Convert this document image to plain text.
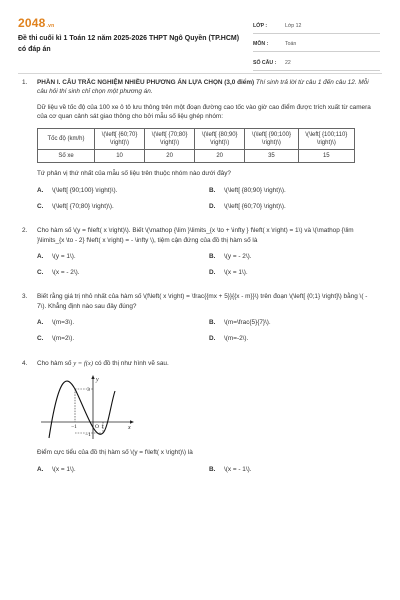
2048.vn
Đề thi cuối kì 1 Toán 12 năm 2025-2026 THPT Ngô Quyền (TP.HCM) có đáp án
LỚP :	Lớp 12
MÔN :	Toán
SỐ CÂU :	22
1. PHẦN I. CÂU TRẮC NGHIỆM NHIỀU PHƯƠNG ÁN LỰA CHỌN (3,0 điểm) Thí sinh trả lời từ câu 1 đến câu 12. Mỗi câu hỏi thí sinh chỉ chọn một phương án.

Dữ liệu về tốc độ của 100 xe ô tô lưu thông trên một đoạn đường cao tốc vào giờ cao điểm được trích xuất từ camera của cơ quan cảnh sát giao thông cho bởi mẫu số liệu ghép nhóm:

Tốc độ (km/h)	\(\left[ {60;70} \right)\)	\(\left[ {70;80} \right)\)	\(\left[ {80;90} \right)\)	\(\left[ {90;100} \right)\)	\(\left[ {100;110} \right)\)
Số xe	10	20	20	35	15

Tứ phân vị thứ nhất của mẫu số liệu trên thuộc nhóm nào dưới đây?

A.	\(\left[ {90;100} \right)\).	B.	\(\left[ {80;90} \right)\).
C.	\(\left[ {70;80} \right)\).	D.	\(\left[ {60;70} \right)\).
2. Cho hàm số \(y = f\left( x \right)\). Biết \(\mathop {\lim }\limits_{x \to + \infty } f\left( x \right) = 1\) và \(\mathop {\lim }\limits_{x \to - 2} f\left( x \right) = - \infty \), tiệm cận đứng của đồ thị hàm số là

A.	\(y = 1\).	B.	\(y = - 2\).
C.	\(x = - 2\).	D.	\(x = 1\).
3. Biết rằng giá trị nhỏ nhất của hàm số \(f\left( x \right) = \frac{{mx + 5}}{{x - m}}\) trên đoạn \(\left[ {0;1} \right]\) bằng \( - 7\). Khẳng định nào sau đây đúng?

A.	\(m=3\).	B.	\(m=\frac{5}{7}\).
C.	\(m=2\).	D.	\(m=-2\).
4. Cho hàm số y = f(x) có đồ thị như hình vẽ sau.

y
x
O
3
−1	1
−1

Điểm cực tiểu của đồ thị hàm số \(y = f\left( x \right)\) là

A.	\(x = 1\).	B.	\(x = - 1\).
